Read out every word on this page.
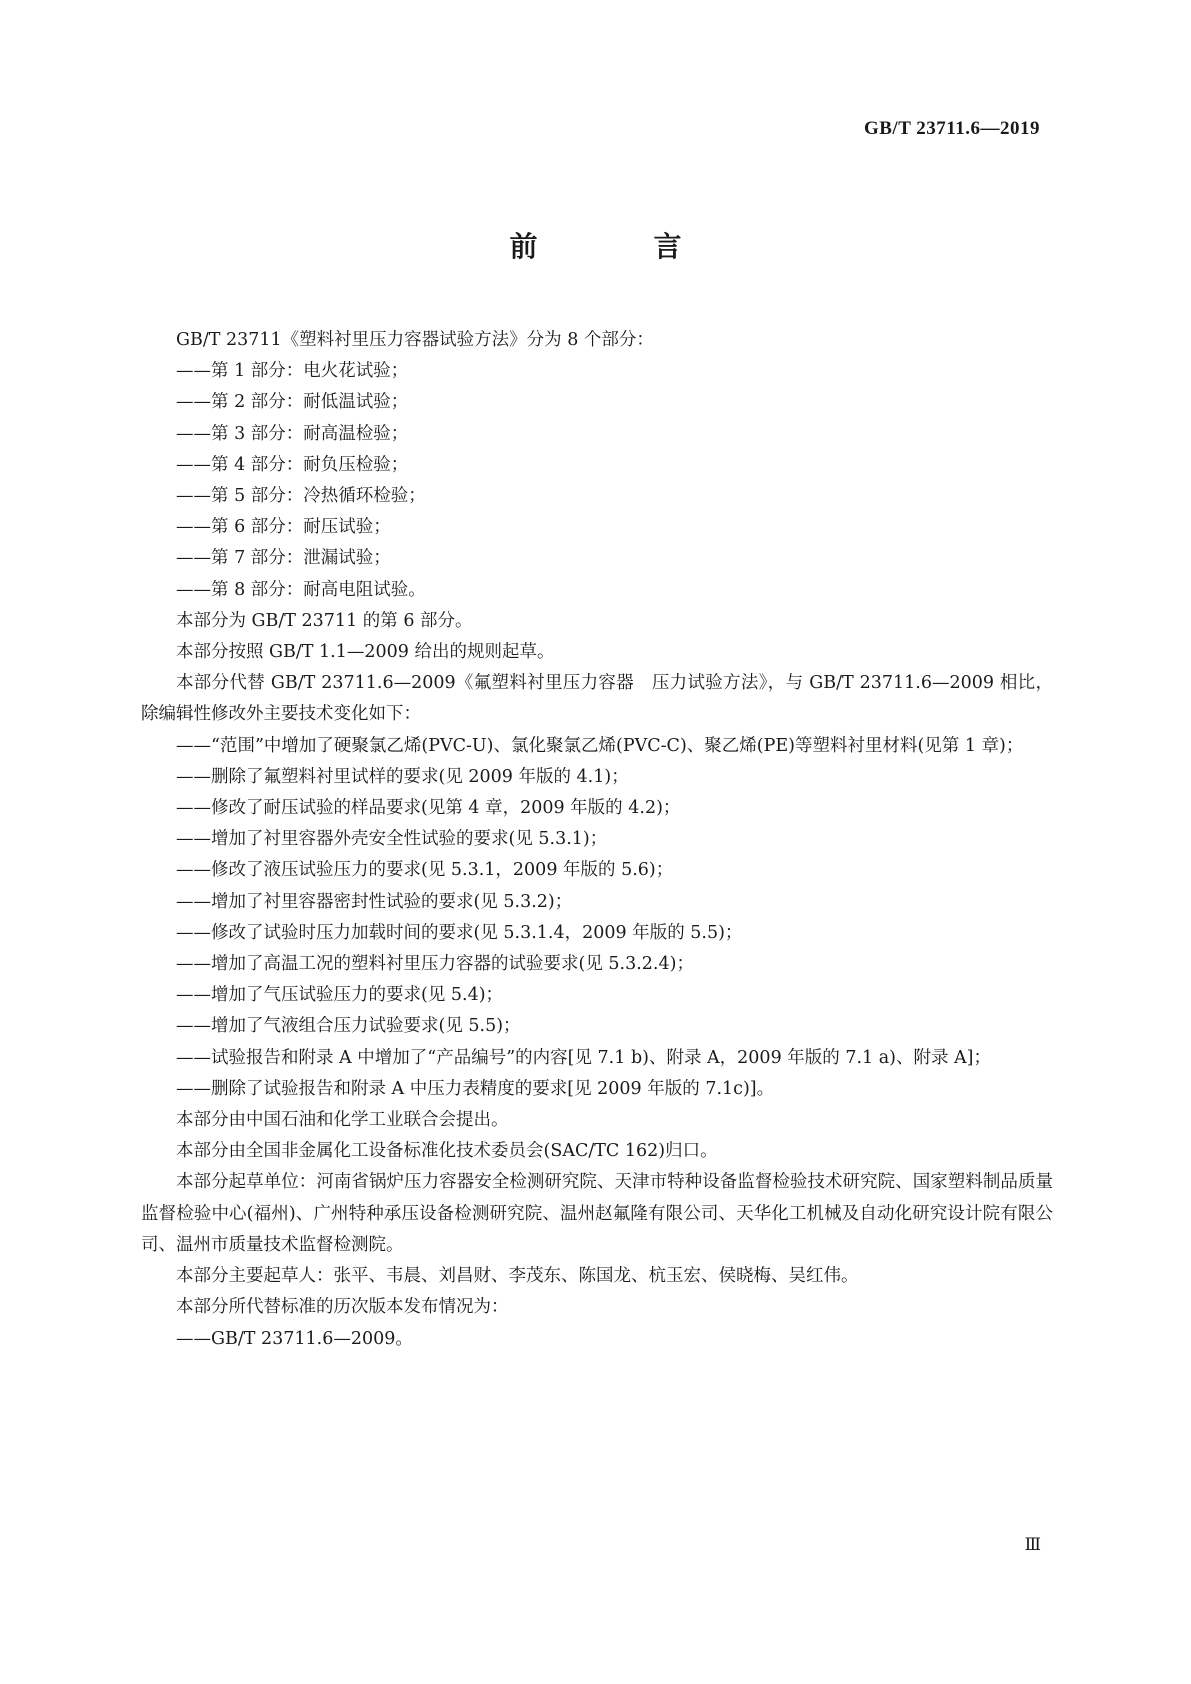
GB/T 23711.6—2019
前　言

GB/T 23711《塑料衬里压力容器试验方法》分为 8 个部分：

——第 1 部分：电火花试验；

——第 2 部分：耐低温试验；

——第 3 部分：耐高温检验；

——第 4 部分：耐负压检验；

——第 5 部分：冷热循环检验；

——第 6 部分：耐压试验；

——第 7 部分：泄漏试验；

——第 8 部分：耐高电阻试验。

本部分为 GB/T 23711 的第 6 部分。

本部分按照 GB/T 1.1—2009 给出的规则起草。

本部分代替 GB/T 23711.6—2009《氟塑料衬里压力容器　压力试验方法》，与 GB/T 23711.6—2009 相比，除编辑性修改外主要技术变化如下：

——“范围”中增加了硬聚氯乙烯(PVC-U)、氯化聚氯乙烯(PVC-C)、聚乙烯(PE)等塑料衬里材料(见第 1 章)；

——删除了氟塑料衬里试样的要求(见 2009 年版的 4.1)；

——修改了耐压试验的样品要求(见第 4 章，2009 年版的 4.2)；

——增加了衬里容器外壳安全性试验的要求(见 5.3.1)；

——修改了液压试验压力的要求(见 5.3.1，2009 年版的 5.6)；

——增加了衬里容器密封性试验的要求(见 5.3.2)；

——修改了试验时压力加载时间的要求(见 5.3.1.4，2009 年版的 5.5)；

——增加了高温工况的塑料衬里压力容器的试验要求(见 5.3.2.4)；

——增加了气压试验压力的要求(见 5.4)；

——增加了气液组合压力试验要求(见 5.5)；

——试验报告和附录 A 中增加了“产品编号”的内容[见 7.1 b)、附录 A，2009 年版的 7.1 a)、附录 A]；

——删除了试验报告和附录 A 中压力表精度的要求[见 2009 年版的 7.1c)]。

本部分由中国石油和化学工业联合会提出。

本部分由全国非金属化工设备标准化技术委员会(SAC/TC 162)归口。

本部分起草单位：河南省锅炉压力容器安全检测研究院、天津市特种设备监督检验技术研究院、国家塑料制品质量监督检验中心(福州)、广州特种承压设备检测研究院、温州赵氟隆有限公司、天华化工机械及自动化研究设计院有限公司、温州市质量技术监督检测院。

本部分主要起草人：张平、韦晨、刘昌财、李茂东、陈国龙、杭玉宏、侯晓梅、吴红伟。

本部分所代替标准的历次版本发布情况为：

——GB/T 23711.6—2009。

Ⅲ
